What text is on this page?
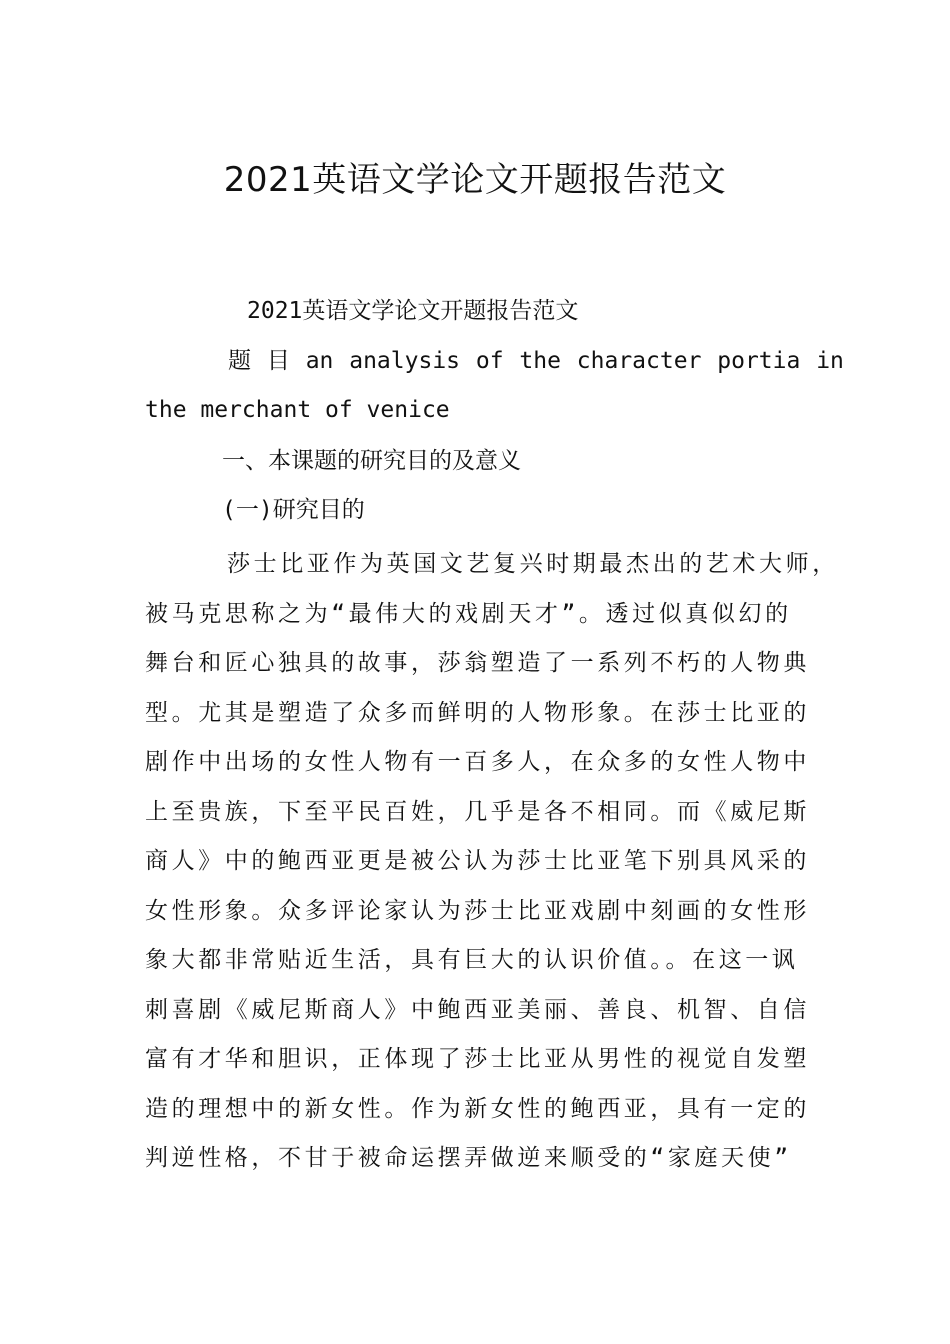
2021英语文学论文开题报告范文
2021英语文学论文开题报告范文
题 目 an analysis of the character portia in
the merchant of venice
一、本课题的研究目的及意义
(一)研究目的
莎士比亚作为英国文艺复兴时期最杰出的艺术大师，
被马克思称之为“最伟大的戏剧天才”。透过似真似幻的
舞台和匠心独具的故事，莎翁塑造了一系列不朽的人物典
型。尤其是塑造了众多而鲜明的人物形象。在莎士比亚的
剧作中出场的女性人物有一百多人，在众多的女性人物中
上至贵族，下至平民百姓，几乎是各不相同。而《威尼斯
商人》中的鲍西亚更是被公认为莎士比亚笔下别具风采的
女性形象。众多评论家认为莎士比亚戏剧中刻画的女性形
象大都非常贴近生活，具有巨大的认识价值。。在这一讽
刺喜剧《威尼斯商人》中鲍西亚美丽、善良、机智、自信
富有才华和胆识，正体现了莎士比亚从男性的视觉自发塑
造的理想中的新女性。作为新女性的鲍西亚，具有一定的
判逆性格，不甘于被命运摆弄做逆来顺受的“家庭天使”
